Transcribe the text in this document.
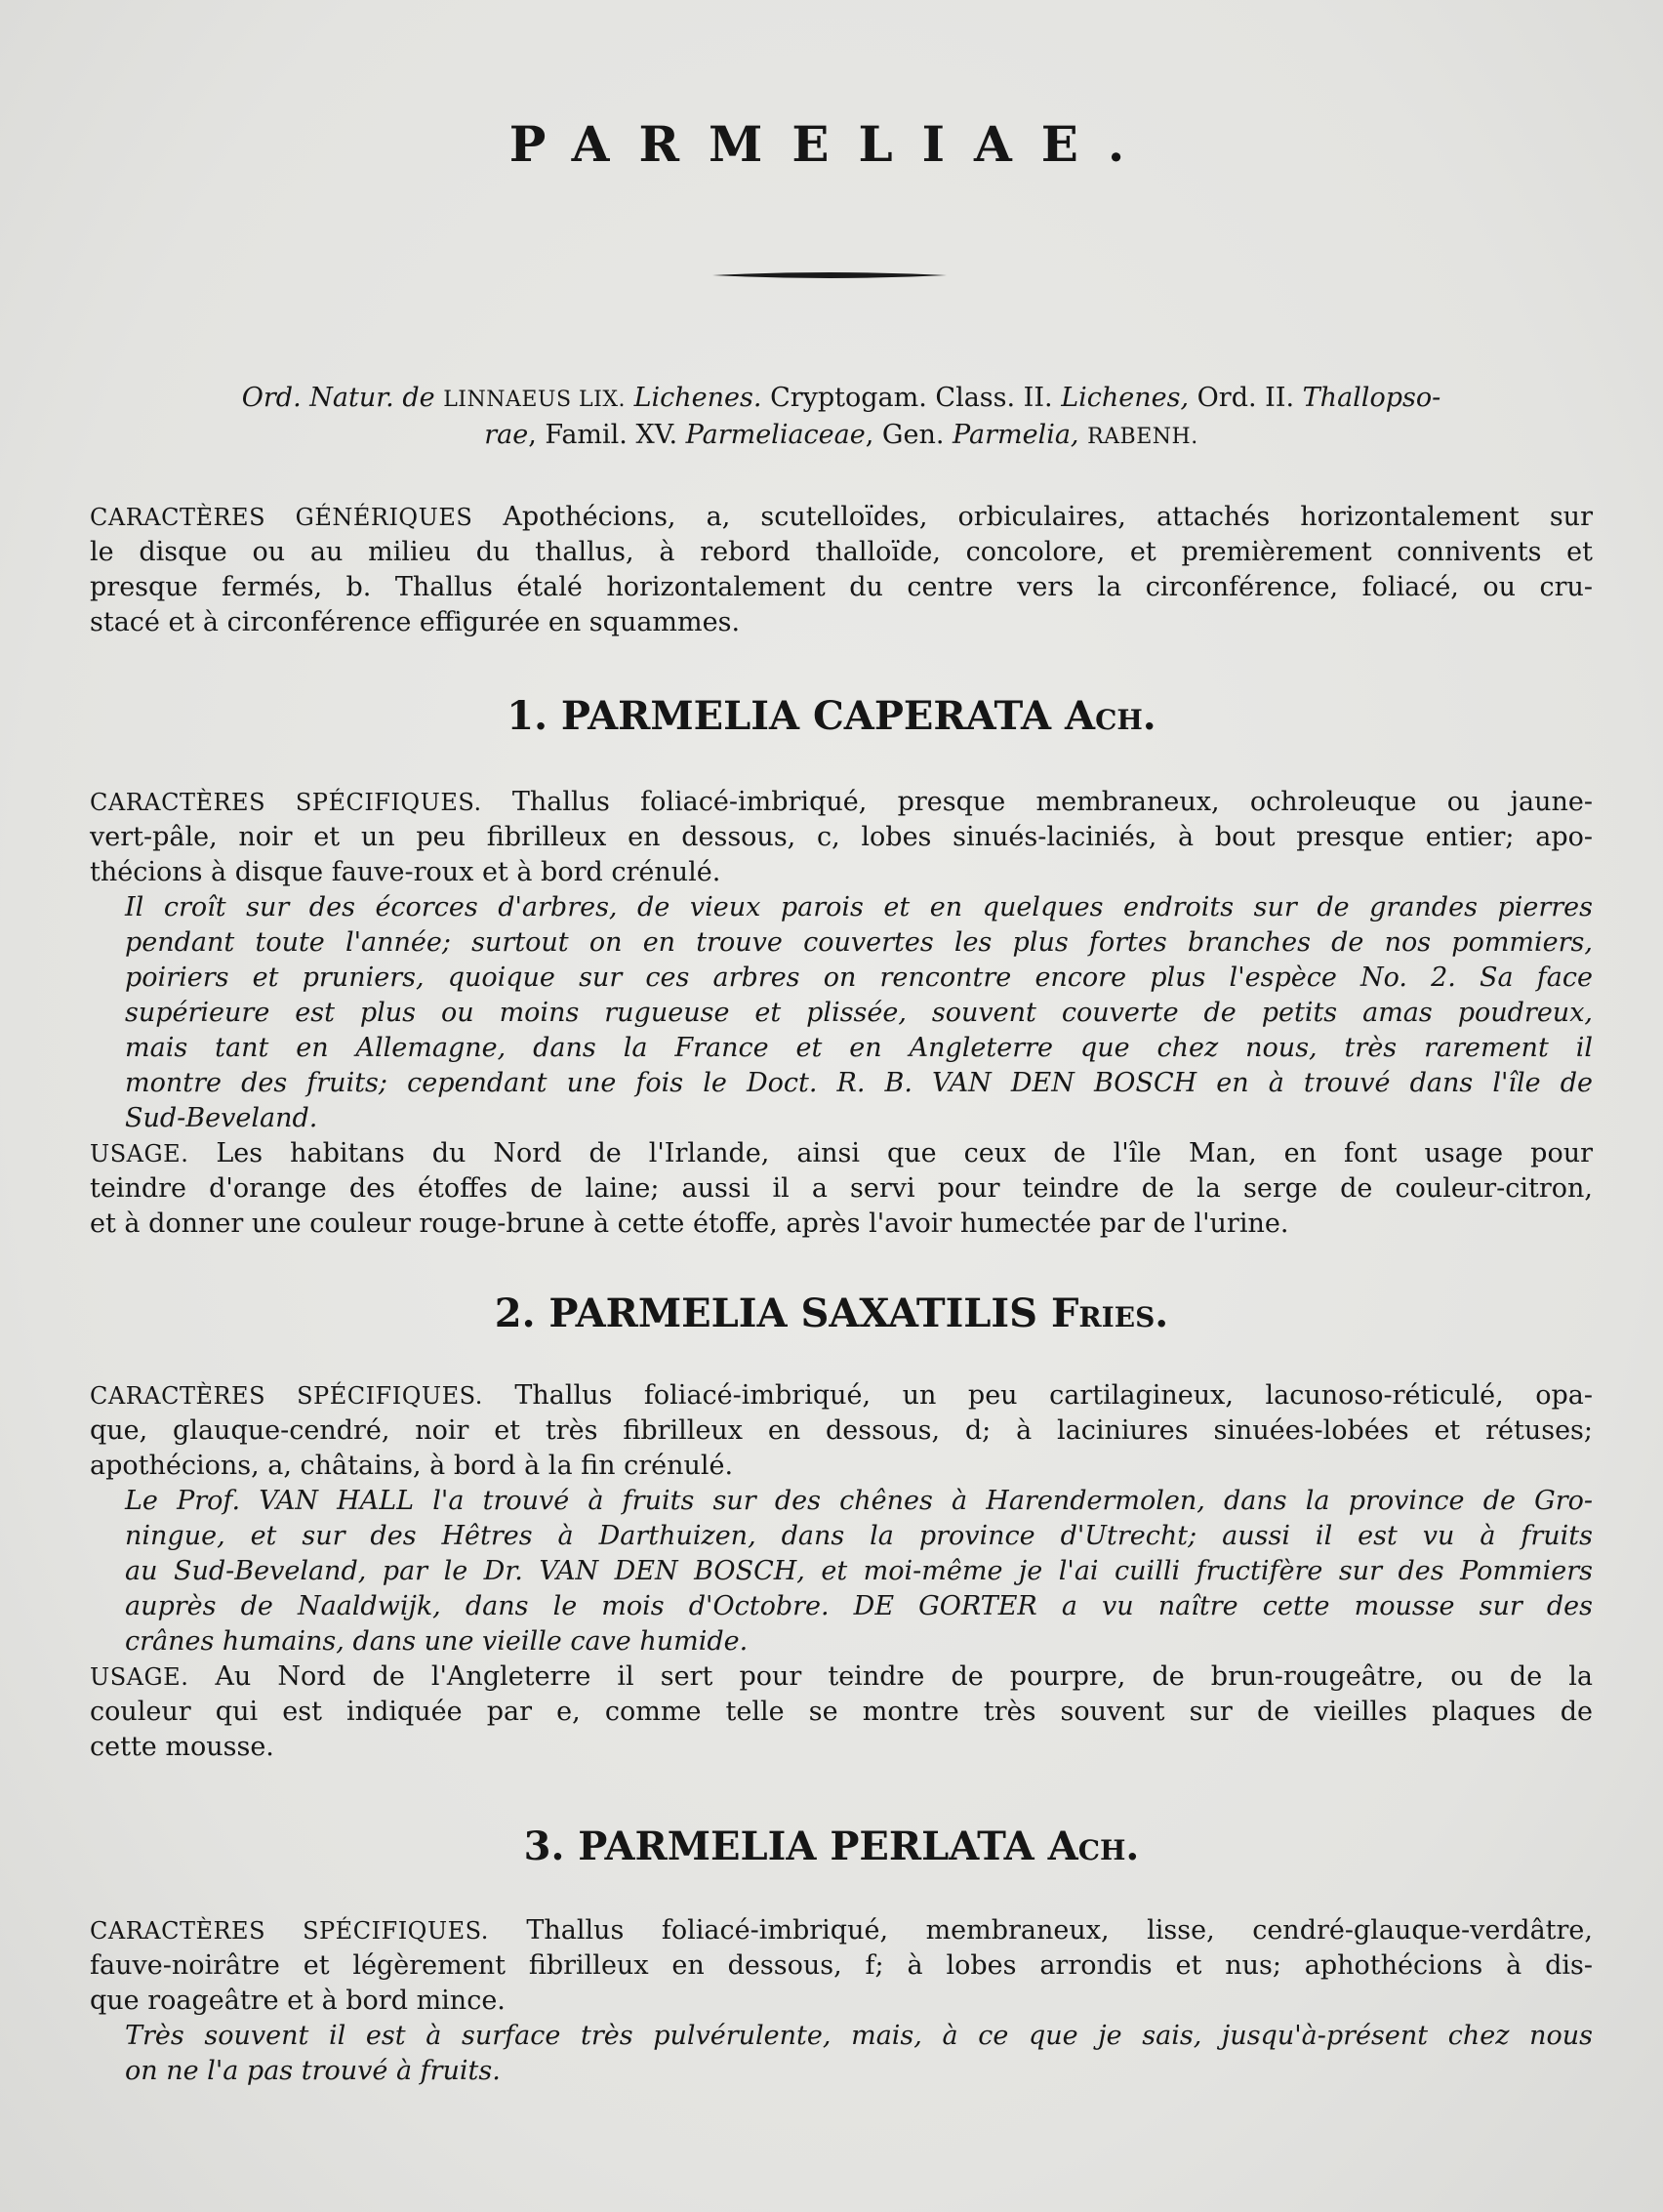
PARMELIAE.
Ord. Natur. de LINNAEUS LIX. Lichenes. Cryptogam. Class. II. Lichenes, Ord. II. Thallopso-
rae, Famil. XV. Parmeliaceae, Gen. Parmelia, RABENH.
CARACTÈRES GÉNÉRIQUES Apothécions, a, scutelloïdes, orbiculaires, attachés horizontalement sur
le disque ou au milieu du thallus, à rebord thalloïde, concolore, et premièrement connivents et
presque fermés, b. Thallus étalé horizontalement du centre vers la circonférence, foliacé, ou cru-
stacé et à circonférence effigurée en squammes.
1. PARMELIA CAPERATA Ach.
CARACTÈRES SPÉCIFIQUES. Thallus foliacé-imbriqué, presque membraneux, ochroleuque ou jaune-
vert-pâle, noir et un peu fibrilleux en dessous, c, lobes sinués-laciniés, à bout presque entier; apo-
thécions à disque fauve-roux et à bord crénulé.
Il croît sur des écorces d'arbres, de vieux parois et en quelques endroits sur de grandes pierres
pendant toute l'année; surtout on en trouve couvertes les plus fortes branches de nos pommiers,
poiriers et pruniers, quoique sur ces arbres on rencontre encore plus l'espèce No. 2. Sa face
supérieure est plus ou moins rugueuse et plissée, souvent couverte de petits amas poudreux,
mais tant en Allemagne, dans la France et en Angleterre que chez nous, très rarement il
montre des fruits; cependant une fois le Doct. R. B. VAN DEN BOSCH en à trouvé dans l'île de
Sud-Beveland.
USAGE. Les habitans du Nord de l'Irlande, ainsi que ceux de l'île Man, en font usage pour
teindre d'orange des étoffes de laine; aussi il a servi pour teindre de la serge de couleur-citron,
et à donner une couleur rouge-brune à cette étoffe, après l'avoir humectée par de l'urine.
2. PARMELIA SAXATILIS Fries.
CARACTÈRES SPÉCIFIQUES. Thallus foliacé-imbriqué, un peu cartilagineux, lacunoso-réticulé, opa-
que, glauque-cendré, noir et très fibrilleux en dessous, d; à laciniures sinuées-lobées et rétuses;
apothécions, a, châtains, à bord à la fin crénulé.
Le Prof. VAN HALL l'a trouvé à fruits sur des chênes à Harendermolen, dans la province de Gro-
ningue, et sur des Hêtres à Darthuizen, dans la province d'Utrecht; aussi il est vu à fruits
au Sud-Beveland, par le Dr. VAN DEN BOSCH, et moi-même je l'ai cuilli fructifère sur des Pommiers
auprès de Naaldwijk, dans le mois d'Octobre. DE GORTER a vu naître cette mousse sur des
crânes humains, dans une vieille cave humide.
USAGE. Au Nord de l'Angleterre il sert pour teindre de pourpre, de brun-rougeâtre, ou de la
couleur qui est indiquée par e, comme telle se montre très souvent sur de vieilles plaques de
cette mousse.
3. PARMELIA PERLATA Ach.
CARACTÈRES SPÉCIFIQUES. Thallus foliacé-imbriqué, membraneux, lisse, cendré-glauque-verdâtre,
fauve-noirâtre et légèrement fibrilleux en dessous, f; à lobes arrondis et nus; aphothécions à dis-
que roageâtre et à bord mince.
Très souvent il est à surface très pulvérulente, mais, à ce que je sais, jusqu'à-présent chez nous
on ne l'a pas trouvé à fruits.
